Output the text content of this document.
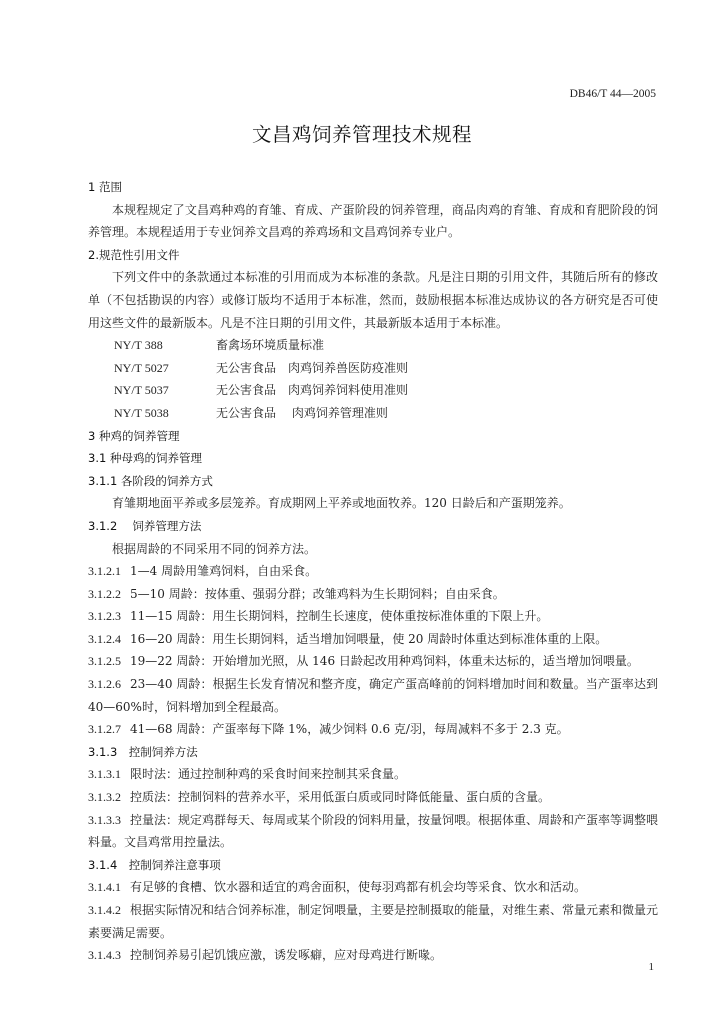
DB46/T 44—2005
文昌鸡饲养管理技术规程
1 范围
本规程规定了文昌鸡种鸡的育雏、育成、产蛋阶段的饲养管理，商品肉鸡的育雏、育成和育肥阶段的饲养管理。本规程适用于专业饲养文昌鸡的养鸡场和文昌鸡饲养专业户。
2.规范性引用文件
下列文件中的条款通过本标准的引用而成为本标准的条款。凡是注日期的引用文件，其随后所有的修改单（不包括勘误的内容）或修订版均不适用于本标准，然而，鼓励根据本标准达成协议的各方研究是否可使用这些文件的最新版本。凡是不注日期的引用文件，其最新版本适用于本标准。
NY/T 388	畜禽场环境质量标准
NY/T 5027	无公害食品　肉鸡饲养兽医防疫准则
NY/T 5037	无公害食品　肉鸡饲养饲料使用准则
NY/T 5038	无公害食品　 肉鸡饲养管理准则
3 种鸡的饲养管理
3.1 种母鸡的饲养管理
3.1.1 各阶段的饲养方式
育雏期地面平养或多层笼养。育成期网上平养或地面牧养。120 日龄后和产蛋期笼养。
3.1.2　 饲养管理方法
根据周龄的不同采用不同的饲养方法。
3.1.2.1 1—4 周龄用雏鸡饲料，自由采食。
3.1.2.2 5—10 周龄：按体重、强弱分群；改雏鸡料为生长期饲料；自由采食。
3.1.2.3 11—15 周龄：用生长期饲料，控制生长速度，使体重按标准体重的下限上升。
3.1.2.4 16—20 周龄：用生长期饲料，适当增加饲喂量，使 20 周龄时体重达到标准体重的上限。
3.1.2.5 19—22 周龄：开始增加光照，从 146 日龄起改用种鸡饲料，体重未达标的，适当增加饲喂量。
3.1.2.6 23—40 周龄：根据生长发育情况和整齐度，确定产蛋高峰前的饲料增加时间和数量。当产蛋率达到 40—60%时，饲料增加到全程最高。
3.1.2.7 41—68 周龄：产蛋率每下降 1%，减少饲料 0.6 克/羽，每周减料不多于 2.3 克。
3.1.3　控制饲养方法
3.1.3.1 限时法：通过控制种鸡的采食时间来控制其采食量。
3.1.3.2 控质法：控制饲料的营养水平，采用低蛋白质或同时降低能量、蛋白质的含量。
3.1.3.3 控量法：规定鸡群每天、每周或某个阶段的饲料用量，按量饲喂。根据体重、周龄和产蛋率等调整喂料量。文昌鸡常用控量法。
3.1.4　控制饲养注意事项
3.1.4.1 有足够的食槽、饮水器和适宜的鸡舍面积，使每羽鸡都有机会均等采食、饮水和活动。
3.1.4.2 根据实际情况和结合饲养标准，制定饲喂量，主要是控制摄取的能量，对维生素、常量元素和微量元素要满足需要。
3.1.4.3 控制饲养易引起饥饿应激，诱发啄癖，应对母鸡进行断喙。
1
